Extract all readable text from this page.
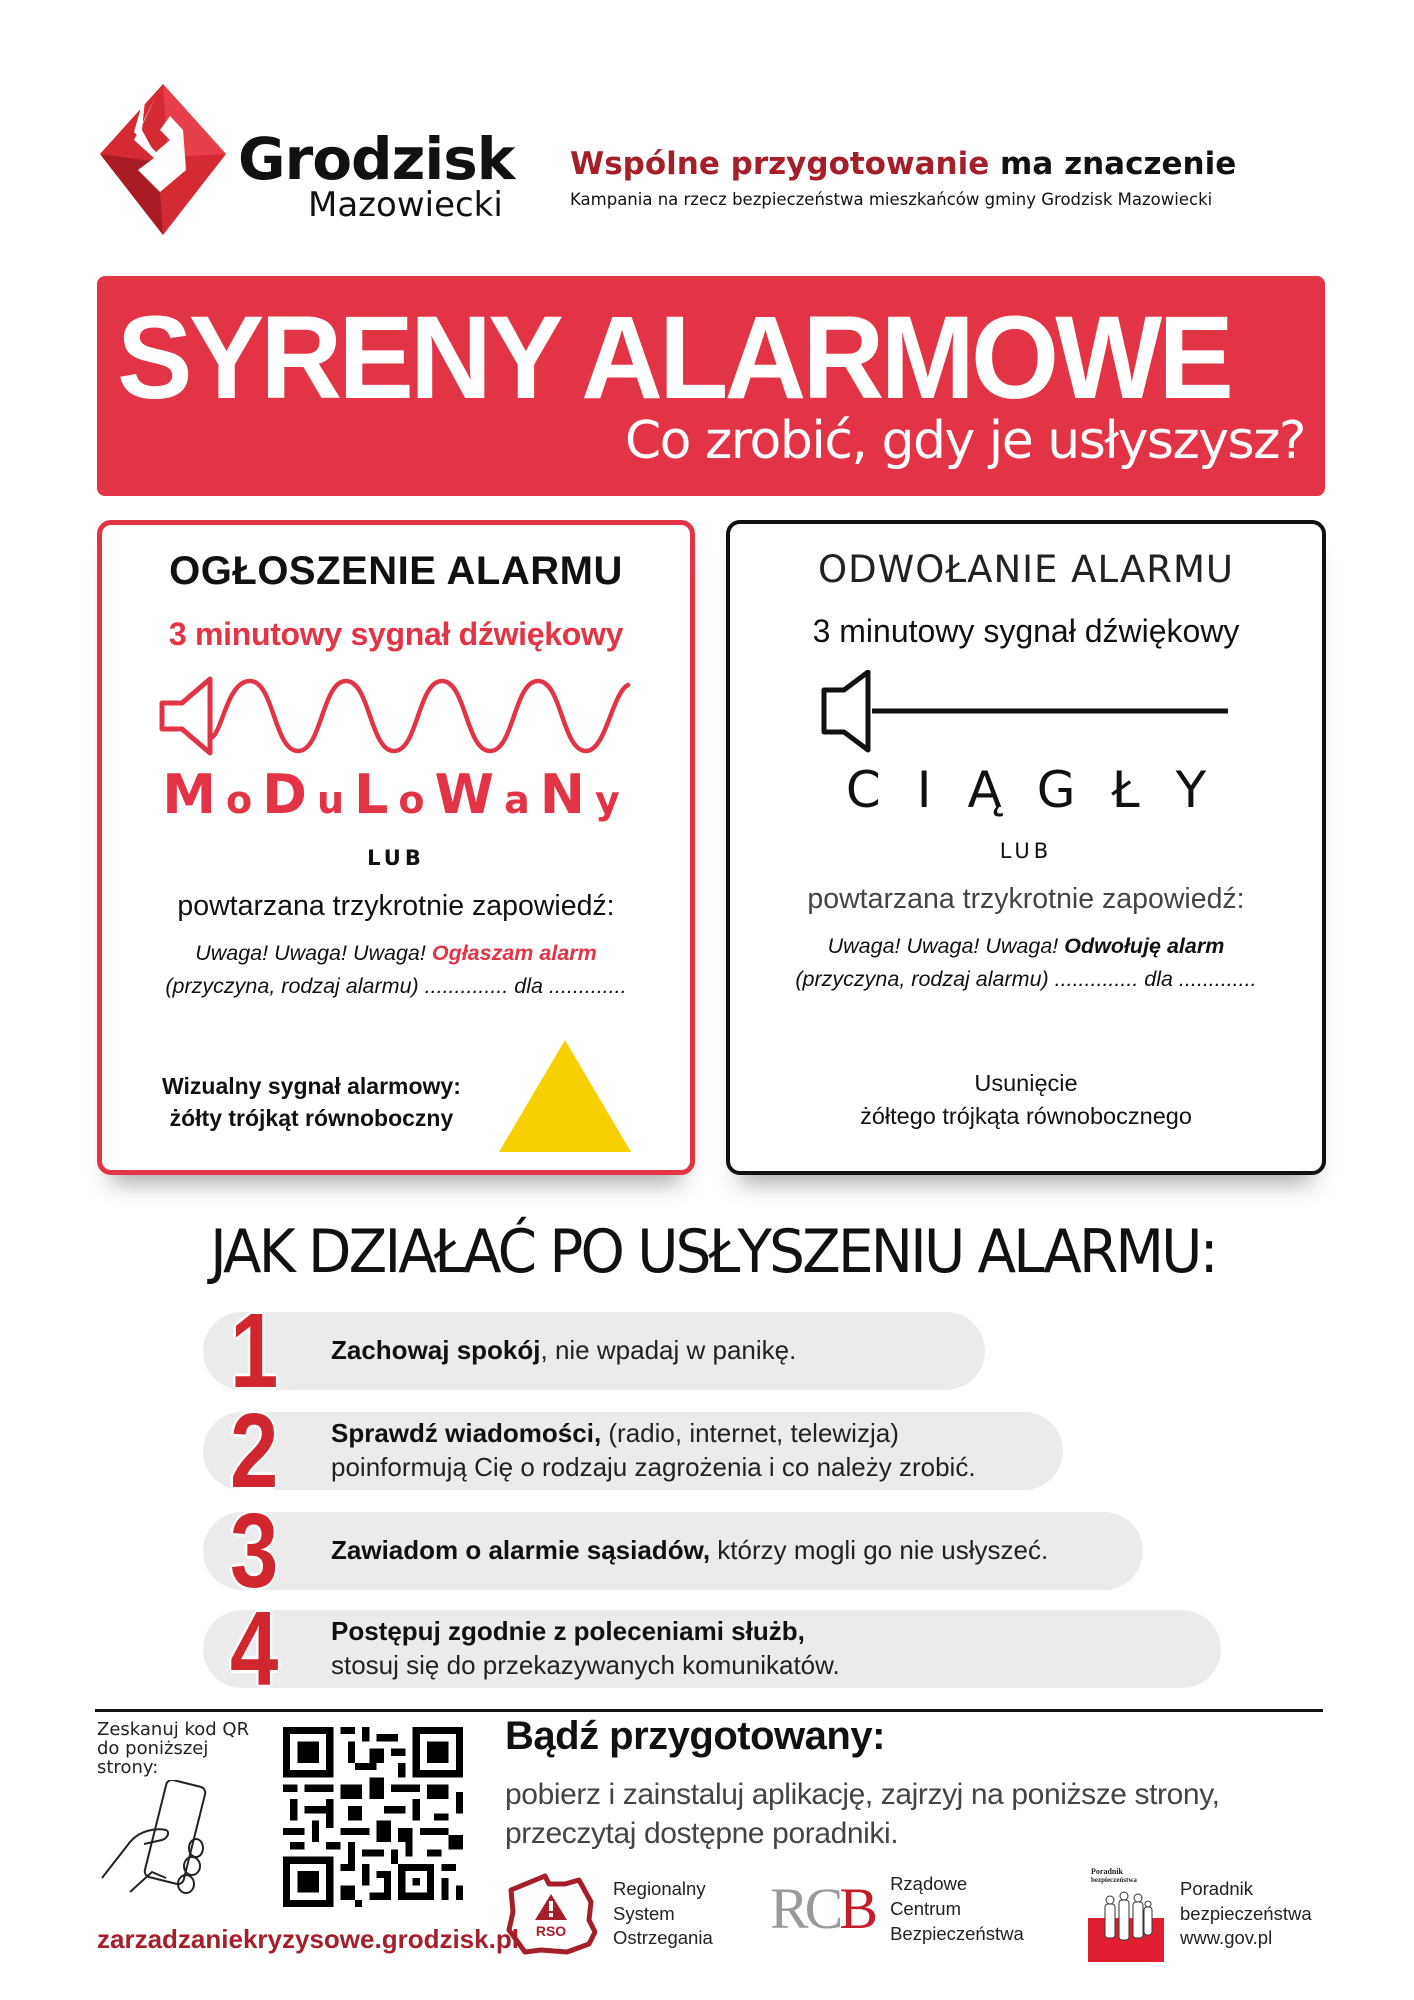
Grodzisk
Mazowiecki
Wspólne przygotowanie ma znaczenie
Kampania na rzecz bezpieczeństwa mieszkańców gminy Grodzisk Mazowiecki
SYRENY ALARMOWE
Co zrobić, gdy je usłyszysz?
OGŁOSZENIE ALARMU
3 minutowy sygnał dźwiękowy
MoDuLoWaNy
LUB
powtarzana trzykrotnie zapowiedź:
Uwaga! Uwaga! Uwaga! Ogłaszam alarm
(przyczyna, rodzaj alarmu) .............. dla .............
Wizualny sygnał alarmowy:
żółty trójkąt równoboczny
ODWOŁANIE ALARMU
3 minutowy sygnał dźwiękowy
CIĄGŁY
LUB
powtarzana trzykrotnie zapowiedź:
Uwaga! Uwaga! Uwaga! Odwołuję alarm
(przyczyna, rodzaj alarmu) .............. dla .............
Usunięcie
żółtego trójkąta równobocznego
JAK DZIAŁAĆ PO USŁYSZENIU ALARMU:
1 Zachowaj spokój, nie wpadaj w panikę.
2 Sprawdź wiadomości, (radio, internet, telewizja)
poinformują Cię o rodzaju zagrożenia i co należy zrobić.
3 Zawiadom o alarmie sąsiadów, którzy mogli go nie usłyszeć.
4 Postępuj zgodnie z poleceniami służb,
stosuj się do przekazywanych komunikatów.
Zeskanuj kod QR
do poniższej
strony:
zarzadzaniekryzysowe.grodzisk.pl
Bądź przygotowany:
pobierz i zainstaluj aplikację, zajrzyj na poniższe strony,
przeczytaj dostępne poradniki.
RSO
Regionalny
System
Ostrzegania RCB Rządowe
Centrum
Bezpieczeństwa
Poradnik
bezpieczeństwa Poradnik
bezpieczeństwa
www.gov.pl
